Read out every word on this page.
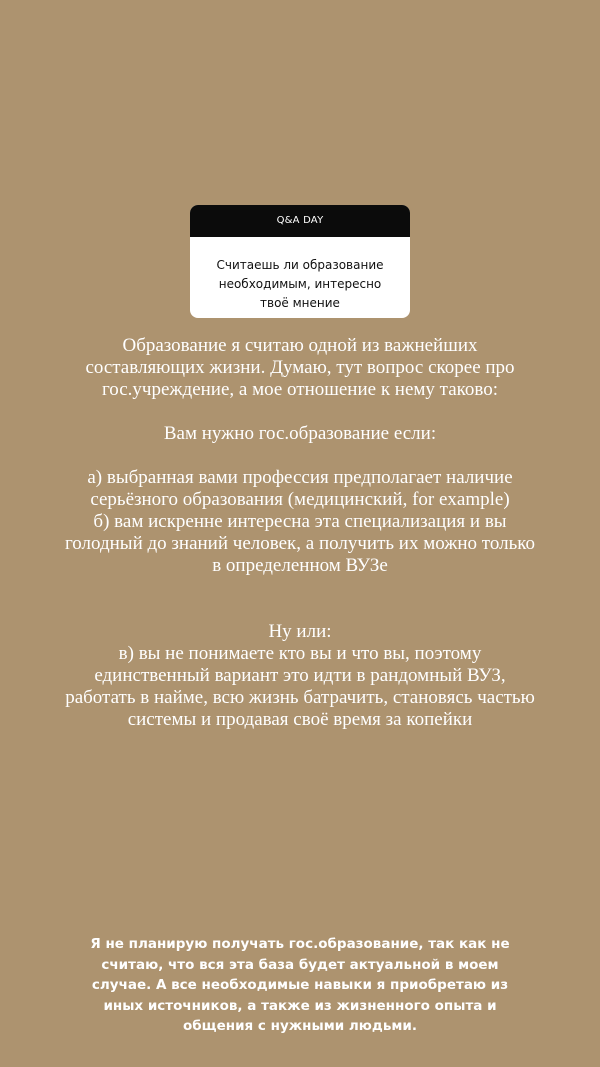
Q&A DAY
Считаешь ли образование
необходимым, интересно
твоё мнение
Образование я считаю одной из важнейших
составляющих жизни. Думаю, тут вопрос скорее про
гос.учреждение, а мое отношение к нему таково:
Вам нужно гос.образование если:
а) выбранная вами профессия предполагает наличие
серьёзного образования (медицинский, for example)
б) вам искренне интересна эта специализация и вы
голодный до знаний человек, а получить их можно только
в определенном ВУЗе
Ну или:
в) вы не понимаете кто вы и что вы, поэтому
единственный вариант это идти в рандомный ВУЗ,
работать в найме, всю жизнь батрачить, становясь частью
системы и продавая своё время за копейки
Я не планирую получать гос.образование, так как не
считаю, что вся эта база будет актуальной в моем
случае. А все необходимые навыки я приобретаю из
иных источников, а также из жизненного опыта и
общения с нужными людьми.
